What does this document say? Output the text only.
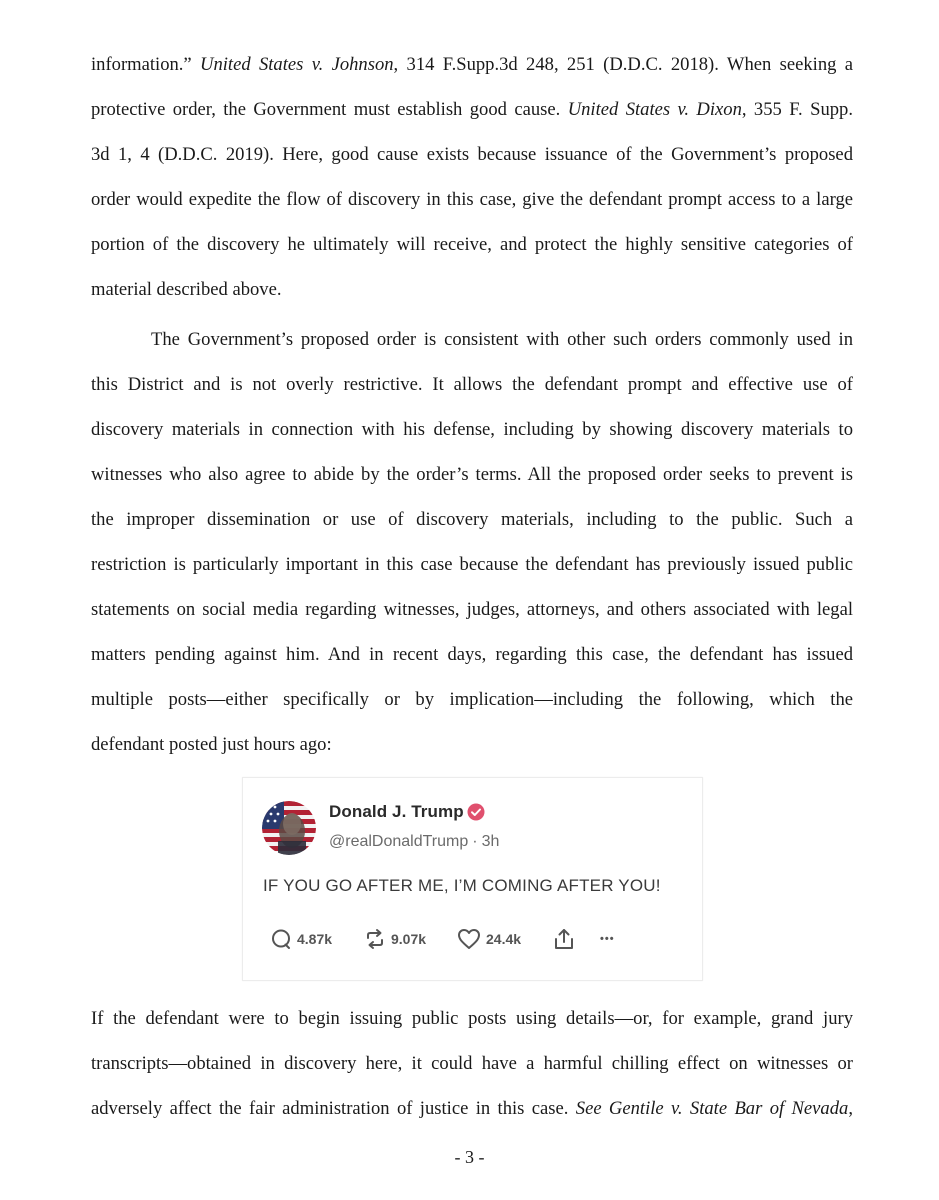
information.” United States v. Johnson, 314 F.Supp.3d 248, 251 (D.D.C. 2018). When seeking a
protective order, the Government must establish good cause. United States v. Dixon, 355 F. Supp.
3d 1, 4 (D.D.C. 2019). Here, good cause exists because issuance of the Government’s proposed
order would expedite the flow of discovery in this case, give the defendant prompt access to a large
portion of the discovery he ultimately will receive, and protect the highly sensitive categories of
material described above.

The Government’s proposed order is consistent with other such orders commonly used in
this District and is not overly restrictive. It allows the defendant prompt and effective use of
discovery materials in connection with his defense, including by showing discovery materials to
witnesses who also agree to abide by the order’s terms. All the proposed order seeks to prevent is
the improper dissemination or use of discovery materials, including to the public. Such a
restriction is particularly important in this case because the defendant has previously issued public
statements on social media regarding witnesses, judges, attorneys, and others associated with legal
matters pending against him. And in recent days, regarding this case, the defendant has issued
multiple posts—either specifically or by implication—including the following, which the
defendant posted just hours ago:

Donald J. Trump
@realDonaldTrump · 3h
IF YOU GO AFTER ME, I’M COMING AFTER YOU!
4.87k	9.07k	24.4k	•••

If the defendant were to begin issuing public posts using details—or, for example, grand jury
transcripts—obtained in discovery here, it could have a harmful chilling effect on witnesses or
adversely affect the fair administration of justice in this case. See Gentile v. State Bar of Nevada,

- 3 -
